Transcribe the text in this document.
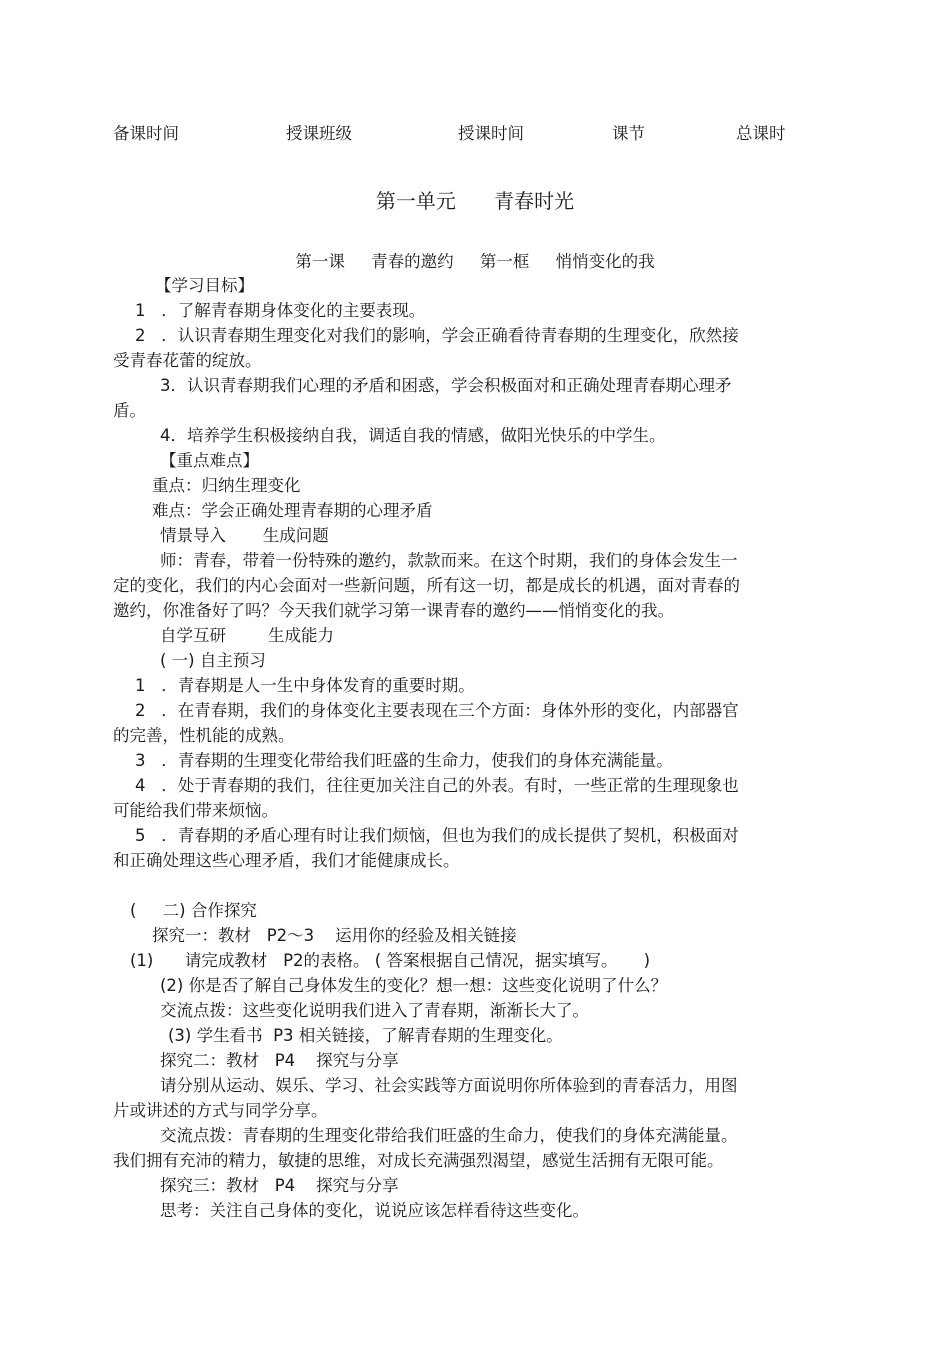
备课时间	授课班级	授课时间	课节	总课时
第一单元      青春时光
第一课     青春的邀约     第一框     悄悄变化的我
【学习目标】
1   ．了解青春期身体变化的主要表现。
2   ．认识青春期生理变化对我们的影响，学会正确看待青春期的生理变化，欣然接
受青春花蕾的绽放。
3．认识青春期我们心理的矛盾和困惑，学会积极面对和正确处理青春期心理矛
盾。
4．培养学生积极接纳自我，调适自我的情感，做阳光快乐的中学生。
【重点难点】
重点：归纳生理变化
难点：学会正确处理青春期的心理矛盾
情景导入       生成问题
师：青春，带着一份特殊的邀约，款款而来。在这个时期，我们的身体会发生一
定的变化，我们的内心会面对一些新问题，所有这一切，都是成长的机遇，面对青春的
邀约，你准备好了吗？今天我们就学习第一课青春的邀约——悄悄变化的我。
自学互研        生成能力
( 一) 自主预习
1   ．青春期是人一生中身体发育的重要时期。
2   ．在青春期，我们的身体变化主要表现在三个方面：身体外形的变化，内部器官
的完善，性机能的成熟。
3   ．青春期的生理变化带给我们旺盛的生命力，使我们的身体充满能量。
4   ．处于青春期的我们，往往更加关注自己的外表。有时，一些正常的生理现象也
可能给我们带来烦恼。
5   ．青春期的矛盾心理有时让我们烦恼，但也为我们的成长提供了契机，积极面对
和正确处理这些心理矛盾，我们才能健康成长。
(     二) 合作探究
探究一：教材   P2～3    运用你的经验及相关链接
(1)      请完成教材   P2的表格。 ( 答案根据自己情况，据实填写。     )
(2) 你是否了解自己身体发生的变化？想一想：这些变化说明了什么？
交流点拨：这些变化说明我们进入了青春期，渐渐长大了。
(3) 学生看书  P3 相关链接，了解青春期的生理变化。
探究二：教材   P4    探究与分享
请分别从运动、娱乐、学习、社会实践等方面说明你所体验到的青春活力，用图
片或讲述的方式与同学分享。
交流点拨：青春期的生理变化带给我们旺盛的生命力，使我们的身体充满能量。
我们拥有充沛的精力，敏捷的思维，对成长充满强烈渴望，感觉生活拥有无限可能。
探究三：教材   P4    探究与分享
思考：关注自己身体的变化，说说应该怎样看待这些变化。
